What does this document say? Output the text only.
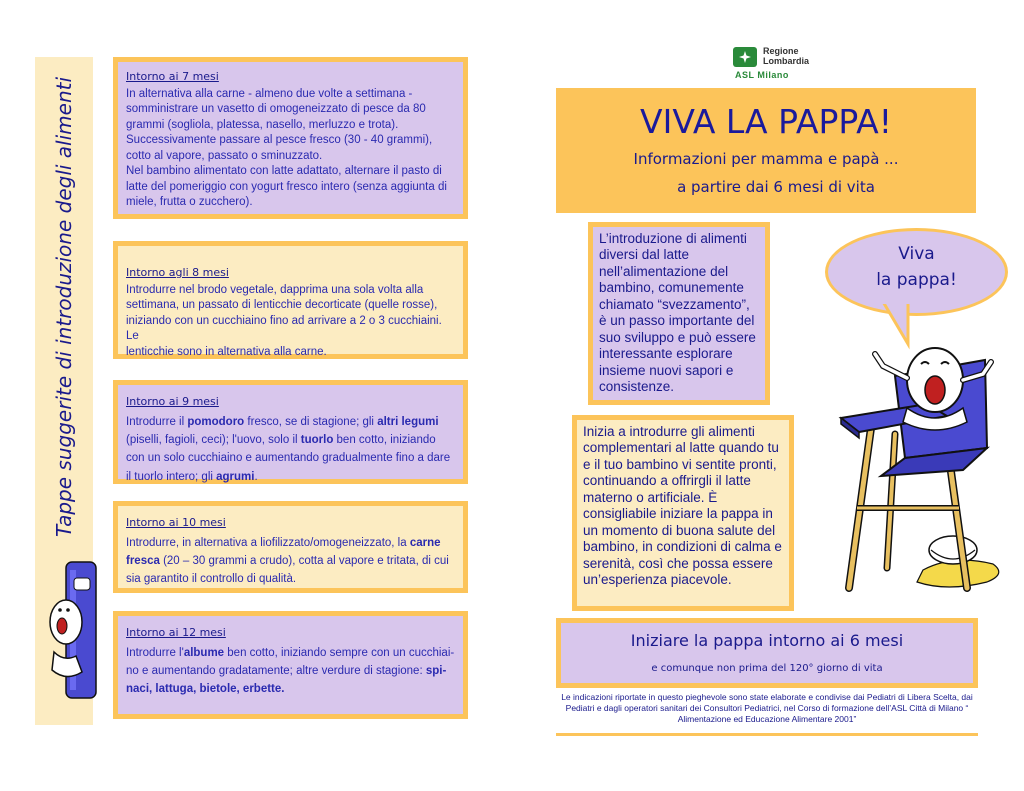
Tappe suggerite di introduzione degli alimenti
Intorno ai 7 mesi
In alternativa alla carne - almeno due volte a settimana -
somministrare un vasetto di omogeneizzato di pesce da 80
grammi (sogliola, platessa, nasello, merluzzo e trota).
Successivamente passare al pesce fresco (30 - 40 grammi),
cotto al vapore, passato o sminuzzato.
Nel bambino alimentato con latte adattato, alternare il pasto di
latte del pomeriggio con yogurt fresco intero (senza aggiunta di
miele, frutta o zucchero).
Intorno agli 8 mesi
Introdurre nel brodo vegetale, dapprima una sola volta alla
settimana, un passato di lenticchie decorticate (quelle rosse),
iniziando con un cucchiaino fino ad arrivare a 2 o 3 cucchiaini. Le
lenticchie sono in alternativa alla carne.
Intorno ai 9 mesi
Introdurre il pomodoro fresco, se di stagione; gli altri legumi (piselli, fagioli, ceci); l'uovo, solo il tuorlo ben cotto, iniziando con un solo cucchiaino e aumentando gradualmente fino a dare il tuorlo intero; gli agrumi.
Intorno ai 10 mesi
Introdurre, in alternativa a liofilizzato/omogeneizzato, la carne fresca (20 – 30 grammi a crudo), cotta al vapore e tritata, di cui sia garantito il controllo di qualità.
Intorno ai 12 mesi
Introdurre l'albume ben cotto, iniziando sempre con un cucchiai-no e aumentando gradatamente; altre verdure di stagione: spi-naci, lattuga, bietole, erbette.
Regione
Lombardia
ASL Milano
VIVA LA PAPPA!
Informazioni per mamma e papà ...
a partire dai 6 mesi di vita
L’introduzione di alimenti diversi dal latte nell’alimentazione del bambino, comunemente chiamato “svezzamento”, è un passo importante del suo sviluppo e può essere interessante esplorare insieme nuovi sapori e consistenze.
Inizia a introdurre gli alimenti complementari al latte quando tu e il tuo bambino vi sentite pronti, continuando a offrirgli il latte materno o artificiale. È consigliabile iniziare la pappa in un momento di buona salute del bambino, in condizioni di calma e serenità, così che possa essere un’esperienza piacevole.
Viva
la pappa!
Iniziare la pappa intorno ai 6 mesi
e comunque non prima del 120° giorno di vita
Le indicazioni riportate in questo pieghevole sono state elaborate e condivise dai Pediatri di Libera Scelta, dai Pediatri e dagli operatori sanitari dei Consultori Pediatrici, nel Corso di formazione dell’ASL Città di Milano “ Alimentazione ed Educazione Alimentare 2001”
